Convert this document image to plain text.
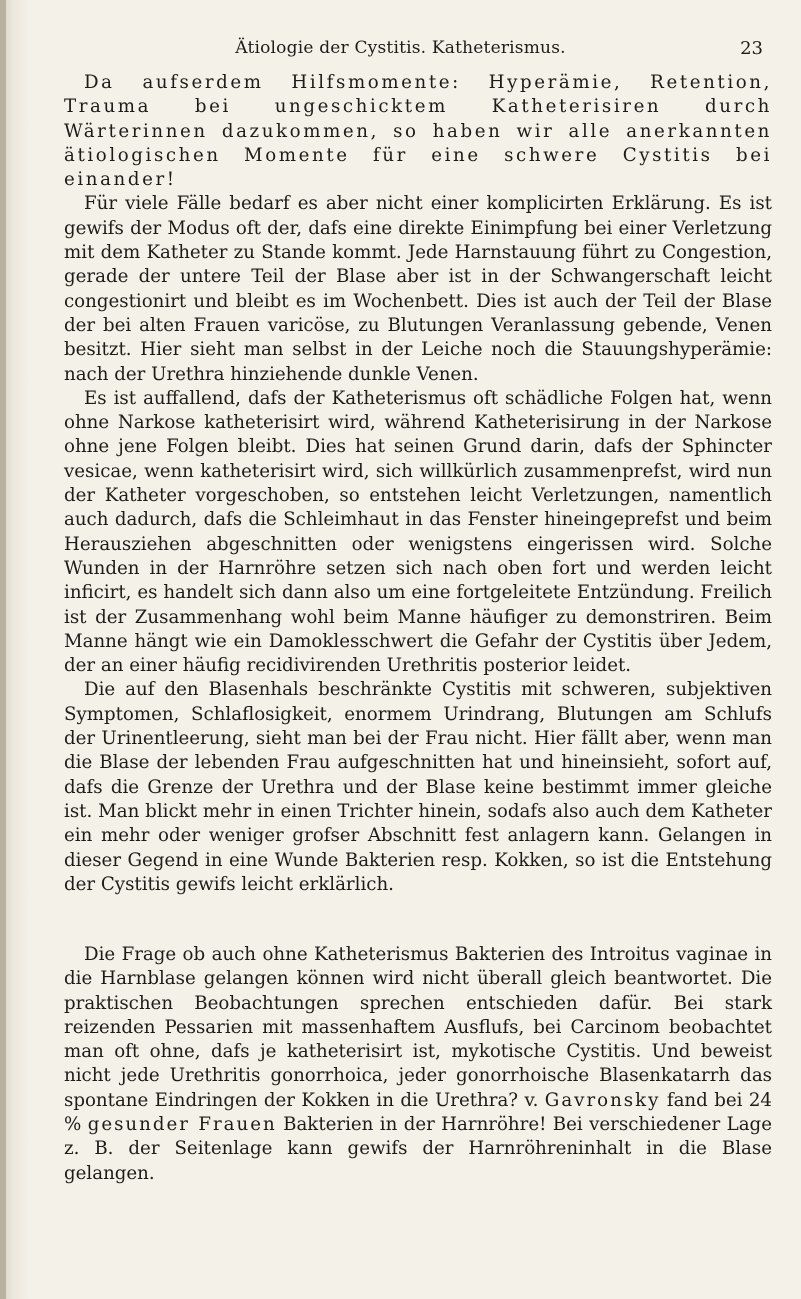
Ätiologie der Cystitis. Katheterismus.	23

Da aufserdem Hilfsmomente: Hyperämie, Retention, Trauma bei ungeschicktem Katheterisiren durch Wärterinnen dazukommen, so haben wir alle anerkannten ätiologischen Momente für eine schwere Cystitis bei einander!

Für viele Fälle bedarf es aber nicht einer komplicirten Erklärung. Es ist gewifs der Modus oft der, dafs eine direkte Einimpfung bei einer Verletzung mit dem Katheter zu Stande kommt. Jede Harnstauung führt zu Congestion, gerade der untere Teil der Blase aber ist in der Schwangerschaft leicht congestionirt und bleibt es im Wochenbett. Dies ist auch der Teil der Blase der bei alten Frauen varicöse, zu Blutungen Veranlassung gebende, Venen besitzt. Hier sieht man selbst in der Leiche noch die Stauungshyperämie: nach der Urethra hinziehende dunkle Venen.

Es ist auffallend, dafs der Katheterismus oft schädliche Folgen hat, wenn ohne Narkose katheterisirt wird, während Katheterisirung in der Narkose ohne jene Folgen bleibt. Dies hat seinen Grund darin, dafs der Sphincter vesicae, wenn katheterisirt wird, sich willkürlich zusammenprefst, wird nun der Katheter vorgeschoben, so entstehen leicht Verletzungen, namentlich auch dadurch, dafs die Schleimhaut in das Fenster hineingeprefst und beim Herausziehen abgeschnitten oder wenigstens eingerissen wird. Solche Wunden in der Harnröhre setzen sich nach oben fort und werden leicht inficirt, es handelt sich dann also um eine fortgeleitete Entzündung. Freilich ist der Zusammenhang wohl beim Manne häufiger zu demonstriren. Beim Manne hängt wie ein Damoklesschwert die Gefahr der Cystitis über Jedem, der an einer häufig recidivirenden Urethritis posterior leidet.

Die auf den Blasenhals beschränkte Cystitis mit schweren, subjektiven Symptomen, Schlaflosigkeit, enormem Urindrang, Blutungen am Schlufs der Urinentleerung, sieht man bei der Frau nicht. Hier fällt aber, wenn man die Blase der lebenden Frau aufgeschnitten hat und hineinsieht, sofort auf, dafs die Grenze der Urethra und der Blase keine bestimmt immer gleiche ist. Man blickt mehr in einen Trichter hinein, sodafs also auch dem Katheter ein mehr oder weniger grofser Abschnitt fest anlagern kann. Gelangen in dieser Gegend in eine Wunde Bakterien resp. Kokken, so ist die Entstehung der Cystitis gewifs leicht erklärlich.

Die Frage ob auch ohne Katheterismus Bakterien des Introitus vaginae in die Harnblase gelangen können wird nicht überall gleich beantwortet. Die praktischen Beobachtungen sprechen entschieden dafür. Bei stark reizenden Pessarien mit massenhaftem Ausflufs, bei Carcinom beobachtet man oft ohne, dafs je katheterisirt ist, mykotische Cystitis. Und beweist nicht jede Urethritis gonorrhoica, jeder gonorrhoische Blasenkatarrh das spontane Eindringen der Kokken in die Urethra? v. Gavronsky fand bei 24 % gesunder Frauen Bakterien in der Harnröhre! Bei verschiedener Lage z. B. der Seitenlage kann gewifs der Harnröhreninhalt in die Blase gelangen.
